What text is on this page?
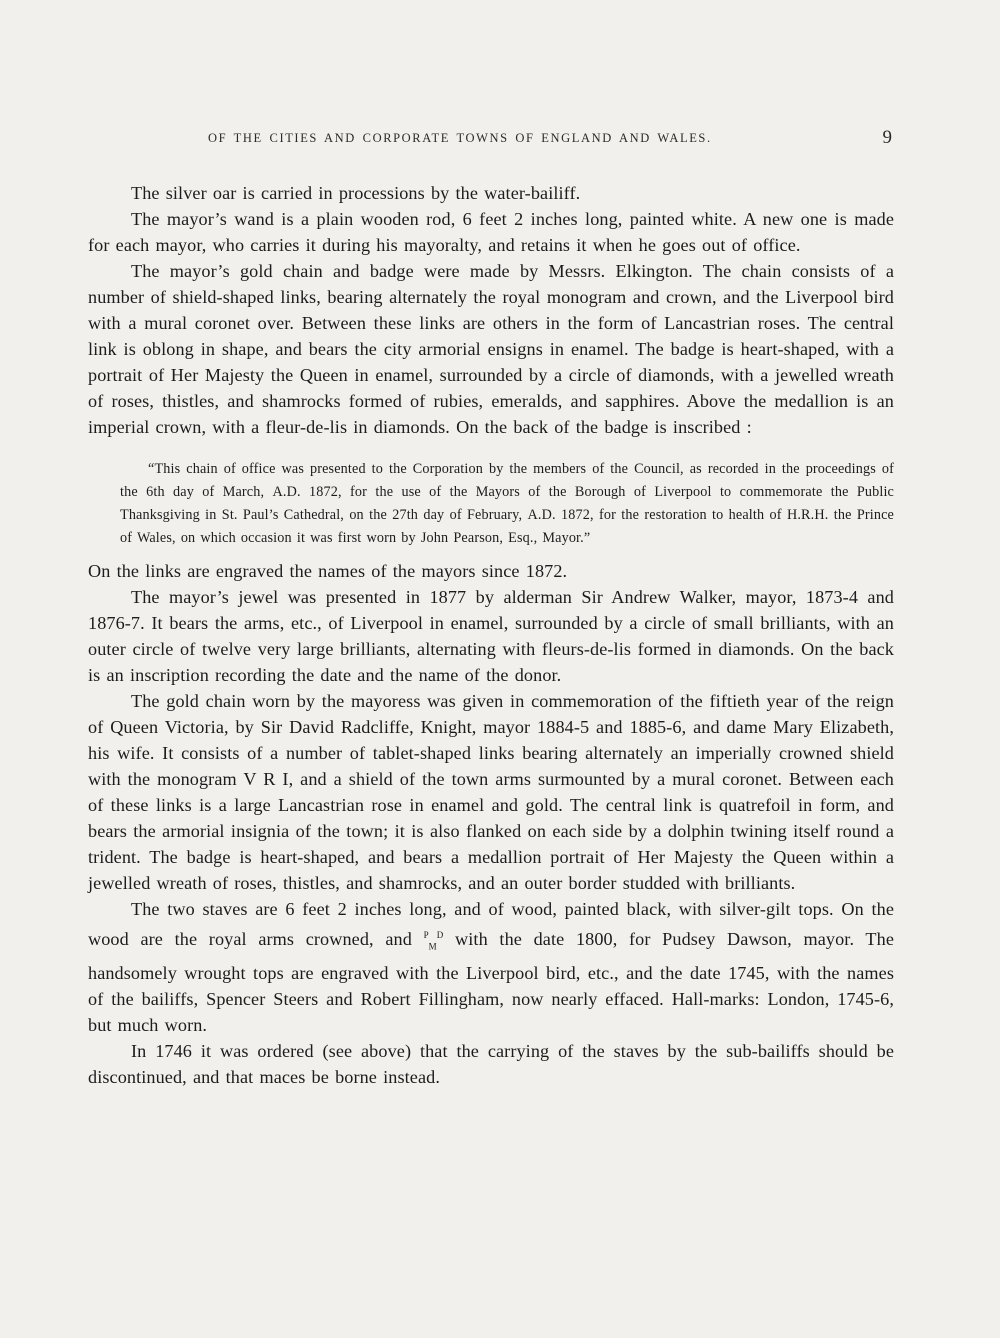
OF THE CITIES AND CORPORATE TOWNS OF ENGLAND AND WALES.	9

The silver oar is carried in processions by the water-bailiff.

The mayor’s wand is a plain wooden rod, 6 feet 2 inches long, painted white. A new one is made for each mayor, who carries it during his mayoralty, and retains it when he goes out of office.

The mayor’s gold chain and badge were made by Messrs. Elkington. The chain consists of a number of shield-shaped links, bearing alternately the royal monogram and crown, and the Liverpool bird with a mural coronet over. Between these links are others in the form of Lancastrian roses. The central link is oblong in shape, and bears the city armorial ensigns in enamel. The badge is heart-shaped, with a portrait of Her Majesty the Queen in enamel, surrounded by a circle of diamonds, with a jewelled wreath of roses, thistles, and shamrocks formed of rubies, emeralds, and sapphires. Above the medallion is an imperial crown, with a fleur-de-lis in diamonds. On the back of the badge is inscribed :

“This chain of office was presented to the Corporation by the members of the Council, as recorded in the proceedings of the 6th day of March, A.D. 1872, for the use of the Mayors of the Borough of Liverpool to commemorate the Public Thanksgiving in St. Paul’s Cathedral, on the 27th day of February, A.D. 1872, for the restoration to health of H.R.H. the Prince of Wales, on which occasion it was first worn by John Pearson, Esq., Mayor.”

On the links are engraved the names of the mayors since 1872.

The mayor’s jewel was presented in 1877 by alderman Sir Andrew Walker, mayor, 1873-4 and 1876-7. It bears the arms, etc., of Liverpool in enamel, surrounded by a circle of small brilliants, with an outer circle of twelve very large brilliants, alternating with fleurs-de-lis formed in diamonds. On the back is an inscription recording the date and the name of the donor.

The gold chain worn by the mayoress was given in commemoration of the fiftieth year of the reign of Queen Victoria, by Sir David Radcliffe, Knight, mayor 1884-5 and 1885-6, and dame Mary Elizabeth, his wife. It consists of a number of tablet-shaped links bearing alternately an imperially crowned shield with the monogram V R I, and a shield of the town arms surmounted by a mural coronet. Between each of these links is a large Lancastrian rose in enamel and gold. The central link is quatrefoil in form, and bears the armorial insignia of the town; it is also flanked on each side by a dolphin twining itself round a trident. The badge is heart-shaped, and bears a medallion portrait of Her Majesty the Queen within a jewelled wreath of roses, thistles, and shamrocks, and an outer border studded with brilliants.

The two staves are 6 feet 2 inches long, and of wood, painted black, with silver-gilt tops. On the wood are the royal arms crowned, and $^P_M^D$ with the date 1800, for Pudsey Dawson, mayor. The handsomely wrought tops are engraved with the Liverpool bird, etc., and the date 1745, with the names of the bailiffs, Spencer Steers and Robert Fillingham, now nearly effaced. Hall-marks: London, 1745-6, but much worn.

In 1746 it was ordered (see above) that the carrying of the staves by the sub-bailiffs should be discontinued, and that maces be borne instead.
